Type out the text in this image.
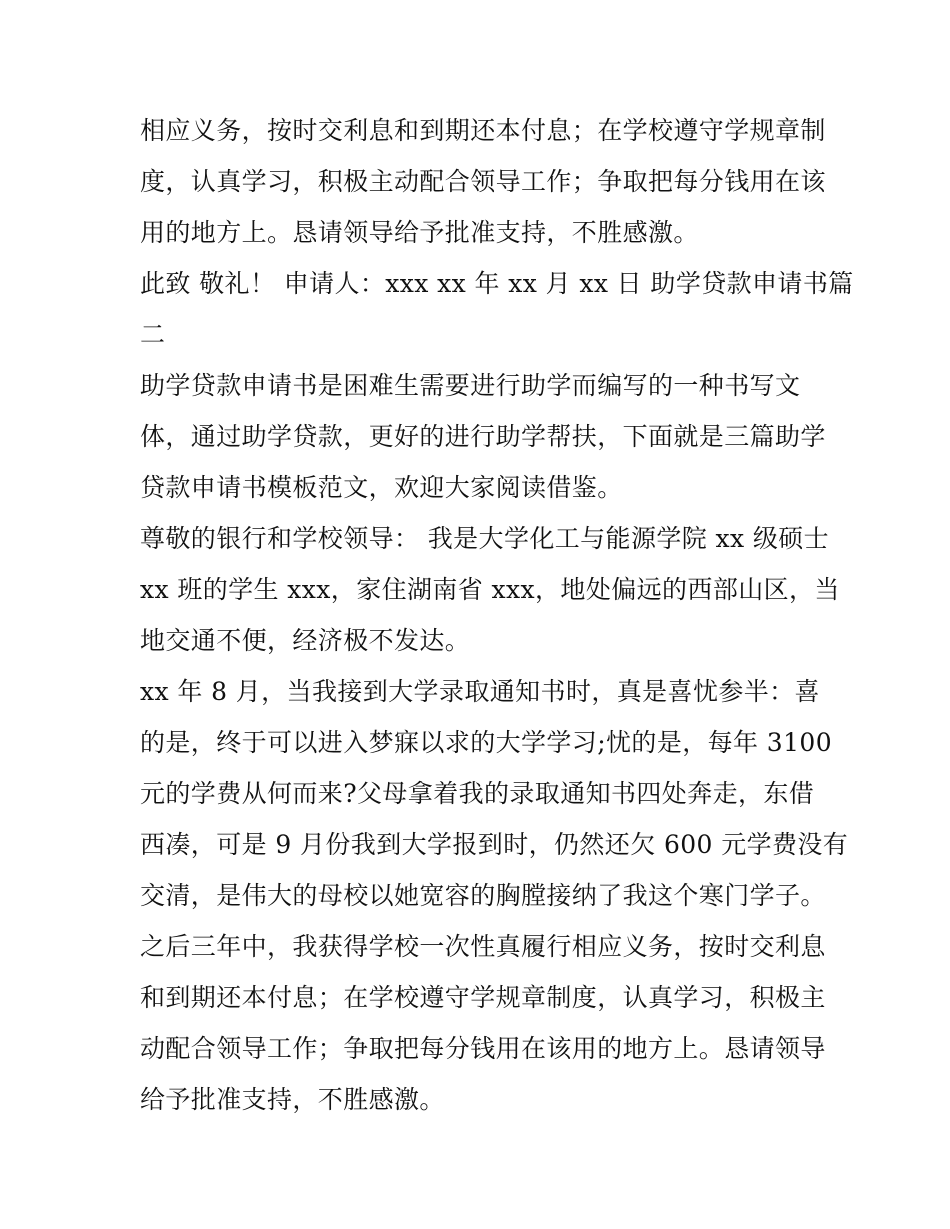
相应义务，按时交利息和到期还本付息；在学校遵守学规章制
度，认真学习，积极主动配合领导工作；争取把每分钱用在该
用的地方上。恳请领导给予批准支持，不胜感激。
此致 敬礼！ 申请人：xxx xx 年 xx 月 xx 日 助学贷款申请书篇
二
助学贷款申请书是困难生需要进行助学而编写的一种书写文
体，通过助学贷款，更好的进行助学帮扶，下面就是三篇助学
贷款申请书模板范文，欢迎大家阅读借鉴。
尊敬的银行和学校领导： 我是大学化工与能源学院 xx 级硕士
xx 班的学生 xxx，家住湖南省 xxx，地处偏远的西部山区，当
地交通不便，经济极不发达。
xx 年 8 月，当我接到大学录取通知书时，真是喜忧参半：喜
的是，终于可以进入梦寐以求的大学学习;忧的是，每年 3100
元的学费从何而来?父母拿着我的录取通知书四处奔走，东借
西凑，可是 9 月份我到大学报到时，仍然还欠 600 元学费没有
交清，是伟大的母校以她宽容的胸膛接纳了我这个寒门学子。
之后三年中，我获得学校一次性真履行相应义务，按时交利息
和到期还本付息；在学校遵守学规章制度，认真学习，积极主
动配合领导工作；争取把每分钱用在该用的地方上。恳请领导
给予批准支持，不胜感激。
